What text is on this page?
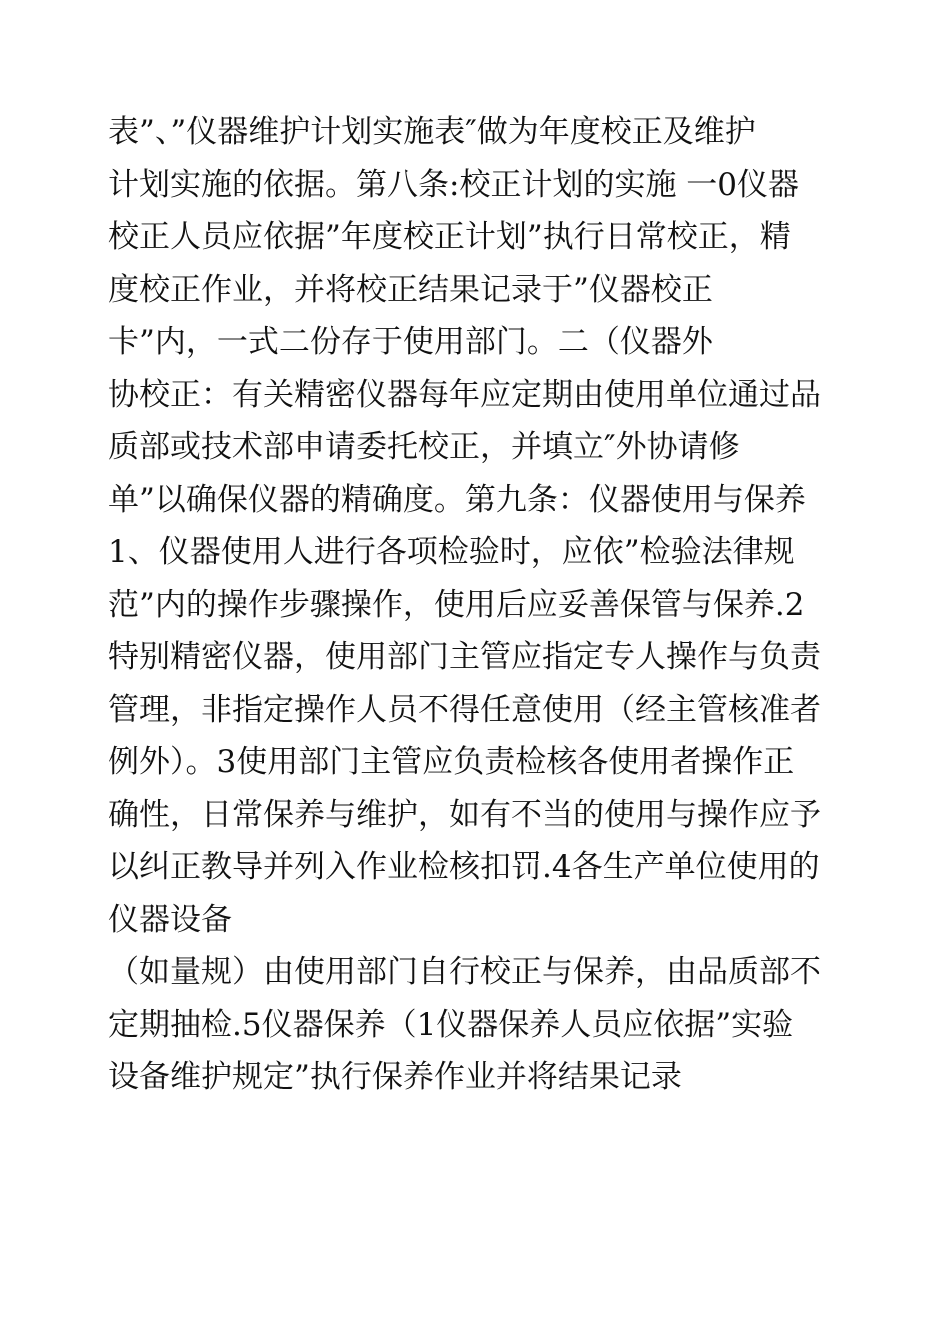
表”、”仪器维护计划实施表″做为年度校正及维护
计划实施的依据。第八条:校正计划的实施 一0仪器
校正人员应依据”年度校正计划”执行日常校正，精
度校正作业，并将校正结果记录于”仪器校正
卡”内，一式二份存于使用部门。二（仪器外
协校正：有关精密仪器每年应定期由使用单位通过品
质部或技术部申请委托校正，并填立″外协请修
单”以确保仪器的精确度。第九条：仪器使用与保养
1、仪器使用人进行各项检验时，应依”检验法律规
范”内的操作步骤操作，使用后应妥善保管与保养.2
特别精密仪器，使用部门主管应指定专人操作与负责
管理，非指定操作人员不得任意使用（经主管核准者
例外）。3使用部门主管应负责检核各使用者操作正
确性，日常保养与维护，如有不当的使用与操作应予
以纠正教导并列入作业检核扣罚.4各生产单位使用的
仪器设备
（如量规）由使用部门自行校正与保养，由品质部不
定期抽检.5仪器保养（1仪器保养人员应依据”实验
设备维护规定”执行保养作业并将结果记录
